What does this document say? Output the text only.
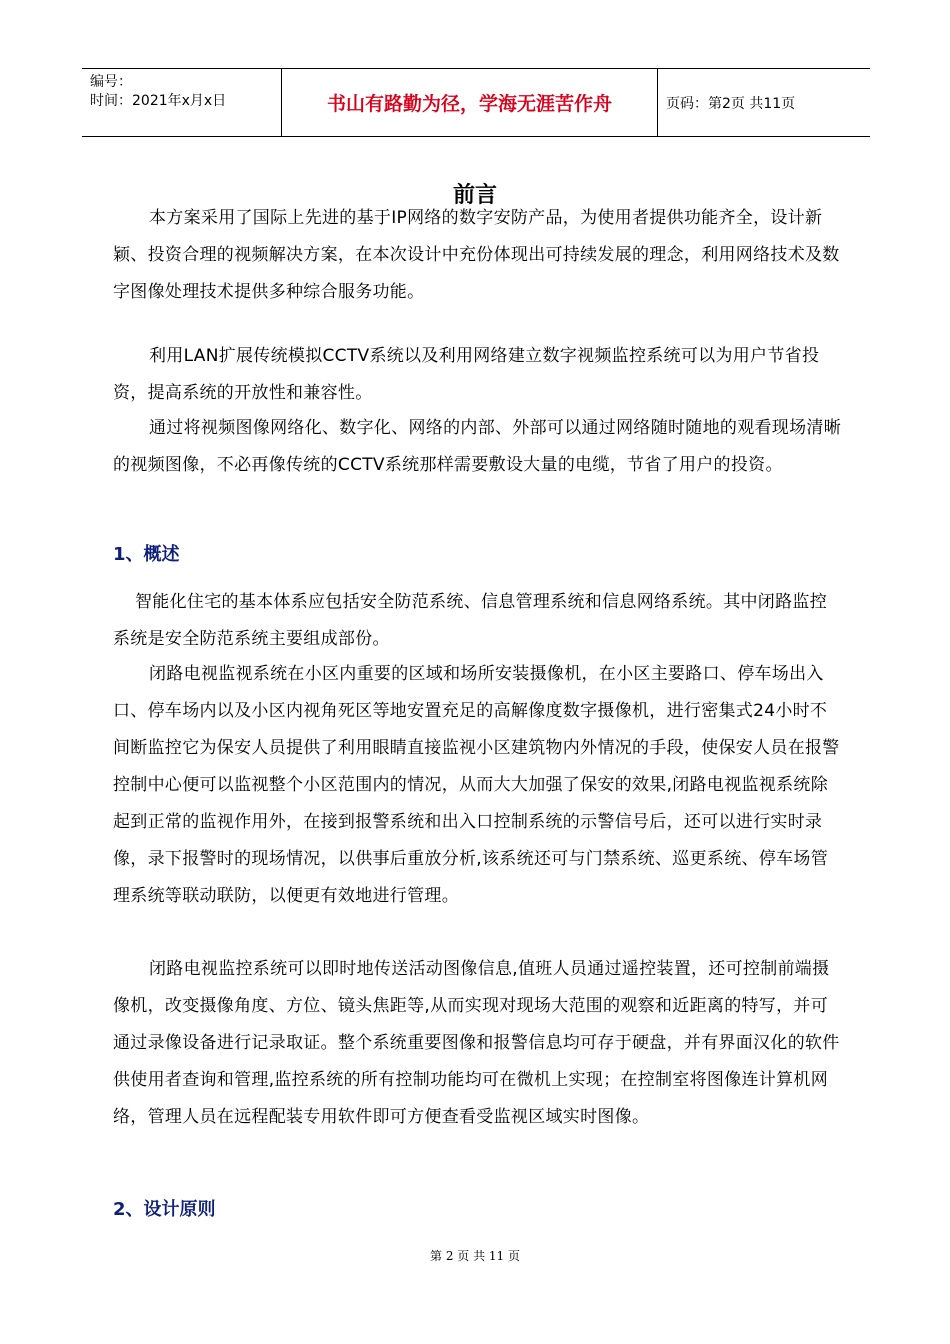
编号：
时间：2021年x月x日	书山有路勤为径，学海无涯苦作舟	页码：第2页 共11页
前言
本方案采用了国际上先进的基于IP网络的数字安防产品，为使用者提供功能齐全，设计新颖、投资合理的视频解决方案，在本次设计中充份体现出可持续发展的理念，利用网络技术及数字图像处理技术提供多种综合服务功能。
利用LAN扩展传统模拟CCTV系统以及利用网络建立数字视频监控系统可以为用户节省投资，提高系统的开放性和兼容性。
通过将视频图像网络化、数字化、网络的内部、外部可以通过网络随时随地的观看现场清晰的视频图像，不必再像传统的CCTV系统那样需要敷设大量的电缆，节省了用户的投资。
1、概述
智能化住宅的基本体系应包括安全防范系统、信息管理系统和信息网络系统。其中闭路监控系统是安全防范系统主要组成部份。
闭路电视监视系统在小区内重要的区域和场所安装摄像机，在小区主要路口、停车场出入口、停车场内以及小区内视角死区等地安置充足的高解像度数字摄像机，进行密集式24小时不间断监控它为保安人员提供了利用眼睛直接监视小区建筑物内外情况的手段，使保安人员在报警控制中心便可以监视整个小区范围内的情况，从而大大加强了保安的效果,闭路电视监视系统除起到正常的监视作用外，在接到报警系统和出入口控制系统的示警信号后，还可以进行实时录像，录下报警时的现场情况，以供事后重放分析,该系统还可与门禁系统、巡更系统、停车场管理系统等联动联防，以便更有效地进行管理。
闭路电视监控系统可以即时地传送活动图像信息,值班人员通过遥控装置，还可控制前端摄像机，改变摄像角度、方位、镜头焦距等,从而实现对现场大范围的观察和近距离的特写，并可通过录像设备进行记录取证。整个系统重要图像和报警信息均可存于硬盘，并有界面汉化的软件供使用者查询和管理,监控系统的所有控制功能均可在微机上实现；在控制室将图像连计算机网络，管理人员在远程配装专用软件即可方便查看受监视区域实时图像。
2、设计原则
第 2 页 共 11 页
